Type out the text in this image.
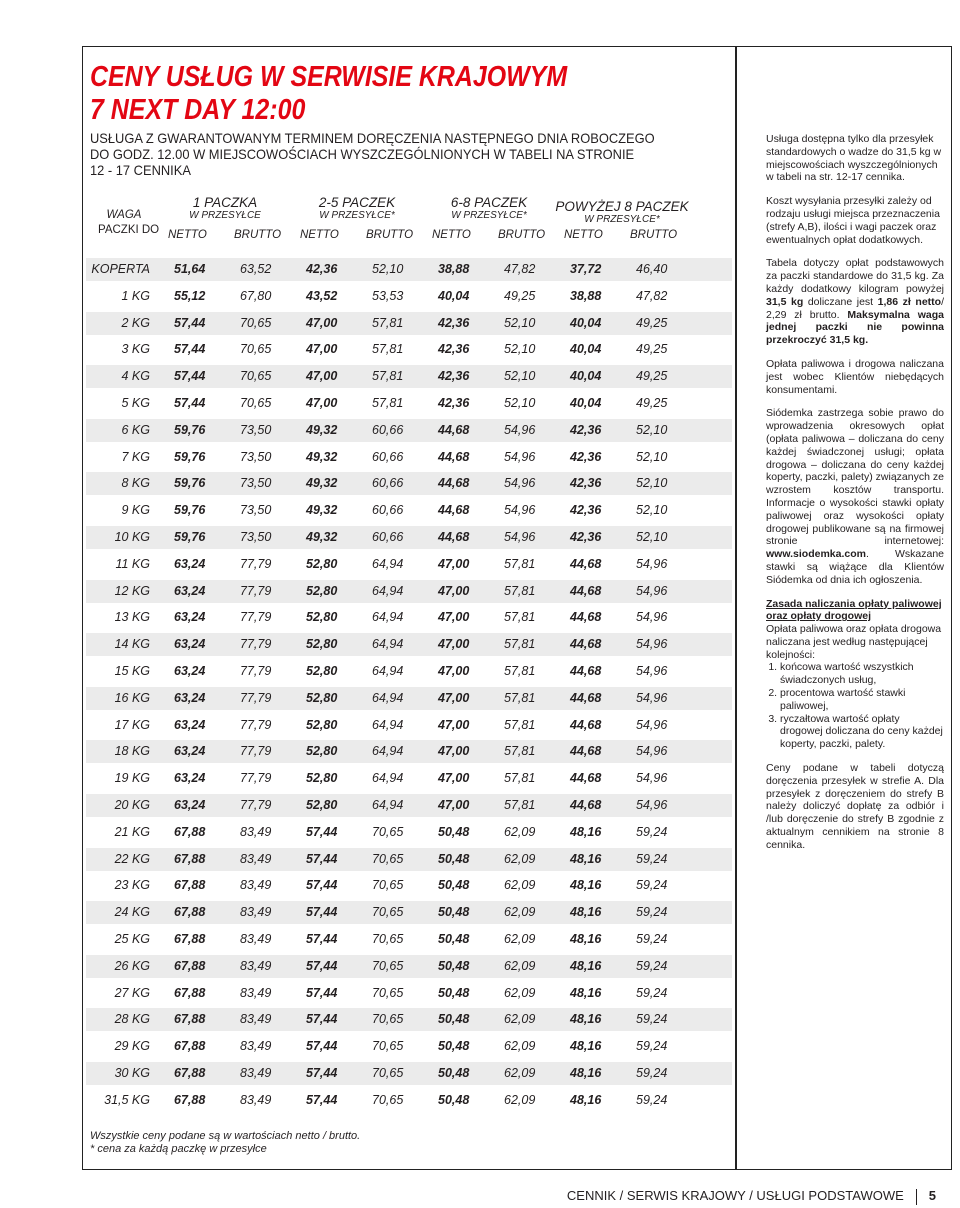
CENY USŁUG W SERWISIE KRAJOWYM
7 NEXT DAY 12:00
USŁUGA Z GWARANTOWANYM TERMINEM DORĘCZENIA NASTĘPNEGO DNIA ROBOCZEGO
DO GODZ. 12.00 W MIEJSCOWOŚCIACH WYSZCZEGÓLNIONYCH W TABELI NA STRONIE
12 - 17 CENNIKA
WAGA
PACZKI DO
1 PACZKA
W PRZESYŁCE
NETTO BRUTTO
2-5 PACZEK
W PRZESYŁCE*
NETTO BRUTTO
6-8 PACZEK
W PRZESYŁCE*
NETTO BRUTTO
POWYŻEJ 8 PACZEK
W PRZESYŁCE*
NETTO BRUTTO
KOPERTA 51,64	63,52	42,36	52,10	38,88	47,82	37,72	46,40
1 KG 55,12	67,80	43,52	53,53	40,04	49,25	38,88	47,82
2 KG 57,44	70,65	47,00	57,81	42,36	52,10	40,04	49,25
3 KG 57,44	70,65	47,00	57,81	42,36	52,10	40,04	49,25
4 KG 57,44	70,65	47,00	57,81	42,36	52,10	40,04	49,25
5 KG 57,44	70,65	47,00	57,81	42,36	52,10	40,04	49,25
6 KG 59,76	73,50	49,32	60,66	44,68	54,96	42,36	52,10
7 KG 59,76	73,50	49,32	60,66	44,68	54,96	42,36	52,10
8 KG 59,76	73,50	49,32	60,66	44,68	54,96	42,36	52,10
9 KG 59,76	73,50	49,32	60,66	44,68	54,96	42,36	52,10
10 KG 59,76	73,50	49,32	60,66	44,68	54,96	42,36	52,10
11 KG 63,24	77,79	52,80	64,94	47,00	57,81	44,68	54,96
12 KG 63,24	77,79	52,80	64,94	47,00	57,81	44,68	54,96
13 KG 63,24	77,79	52,80	64,94	47,00	57,81	44,68	54,96
14 KG 63,24	77,79	52,80	64,94	47,00	57,81	44,68	54,96
15 KG 63,24	77,79	52,80	64,94	47,00	57,81	44,68	54,96
16 KG 63,24	77,79	52,80	64,94	47,00	57,81	44,68	54,96
17 KG 63,24	77,79	52,80	64,94	47,00	57,81	44,68	54,96
18 KG 63,24	77,79	52,80	64,94	47,00	57,81	44,68	54,96
19 KG 63,24	77,79	52,80	64,94	47,00	57,81	44,68	54,96
20 KG 63,24	77,79	52,80	64,94	47,00	57,81	44,68	54,96
21 KG 67,88	83,49	57,44	70,65	50,48	62,09	48,16	59,24
22 KG 67,88	83,49	57,44	70,65	50,48	62,09	48,16	59,24
23 KG 67,88	83,49	57,44	70,65	50,48	62,09	48,16	59,24
24 KG 67,88	83,49	57,44	70,65	50,48	62,09	48,16	59,24
25 KG 67,88	83,49	57,44	70,65	50,48	62,09	48,16	59,24
26 KG 67,88	83,49	57,44	70,65	50,48	62,09	48,16	59,24
27 KG 67,88	83,49	57,44	70,65	50,48	62,09	48,16	59,24
28 KG 67,88	83,49	57,44	70,65	50,48	62,09	48,16	59,24
29 KG 67,88	83,49	57,44	70,65	50,48	62,09	48,16	59,24
30 KG 67,88	83,49	57,44	70,65	50,48	62,09	48,16	59,24
31,5 KG 67,88	83,49	57,44	70,65	50,48	62,09	48,16	59,24
Wszystkie ceny podane są w wartościach netto / brutto.
* cena za każdą paczkę w przesyłce

Usługa dostępna tylko dla przesyłek standardowych o wadze do 31,5 kg w miejscowościach wyszczególnionych w tabeli na str. 12-17 cennika.

Koszt wysyłania przesyłki zależy od rodzaju usługi miejsca przeznaczenia (strefy A,B), ilości i wagi paczek oraz ewentualnych opłat dodatkowych.

Tabela dotyczy opłat podstawowych za paczki standardowe do 31,5 kg. Za każdy dodatkowy kilogram powyżej 31,5 kg doliczane jest 1,86 zł netto/ 2,29 zł brutto. Maksymalna waga jednej paczki nie powinna przekroczyć 31,5 kg.

Opłata paliwowa i drogowa naliczana jest wobec Klientów niebędących konsumentami.

Siódemka zastrzega sobie prawo do wprowadzenia okresowych opłat (opłata paliwowa – doliczana do ceny każdej świadczonej usługi; opłata drogowa – doliczana do ceny każdej koperty, paczki, palety) związanych ze wzrostem kosztów transportu. Informacje o wysokości stawki opłaty paliwowej oraz wysokości opłaty drogowej publikowane są na firmowej stronie internetowej: www.siodemka.com. Wskazane stawki są wiążące dla Klientów Siódemka od dnia ich ogłoszenia.

Zasada naliczania opłaty paliwowej oraz opłaty drogowej

Opłata paliwowa oraz opłata drogowa naliczana jest według następującej kolejności:

1. końcowa wartość wszystkich świadczonych usług,
2. procentowa wartość stawki paliwowej,
3. ryczałtowa wartość opłaty drogowej doliczana do ceny każdej koperty, paczki, palety.

Ceny podane w tabeli dotyczą doręczenia przesyłek w strefie A. Dla przesyłek z doręczeniem do strefy B należy doliczyć dopłatę za odbiór i /lub doręczenie do strefy B zgodnie z aktualnym cennikiem na stronie 8 cennika.

CENNIK / SERWIS KRAJOWY / USŁUGI PODSTAWOWE 5
